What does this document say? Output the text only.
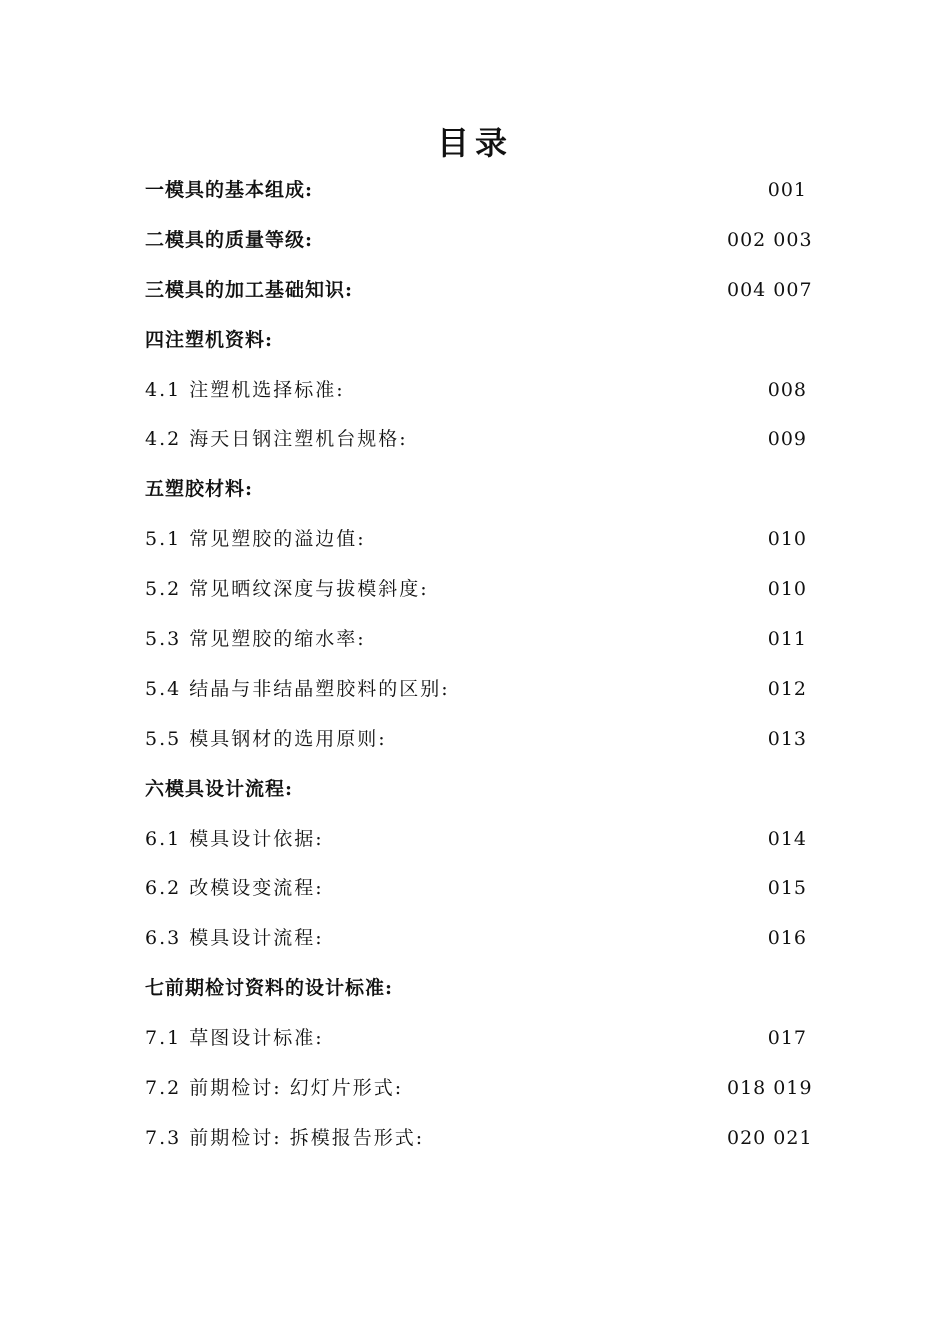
目录
一模具的基本组成:	001
二模具的质量等级:	002 003
三模具的加工基础知识:	004 007
四注塑机资料:
4.1 注塑机选择标准:	008
4.2 海天日钢注塑机台规格:	009
五塑胶材料:
5.1 常见塑胶的溢边值:	010
5.2 常见晒纹深度与拔模斜度:	010
5.3 常见塑胶的缩水率:	011
5.4 结晶与非结晶塑胶料的区别:	012
5.5 模具钢材的选用原则:	013
六模具设计流程:
6.1 模具设计依据:	014
6.2 改模设变流程:	015
6.3 模具设计流程:	016
七前期检讨资料的设计标准:
7.1 草图设计标准:	017
7.2 前期检讨: 幻灯片形式:	018 019
7.3 前期检讨: 拆模报告形式:	020 021
